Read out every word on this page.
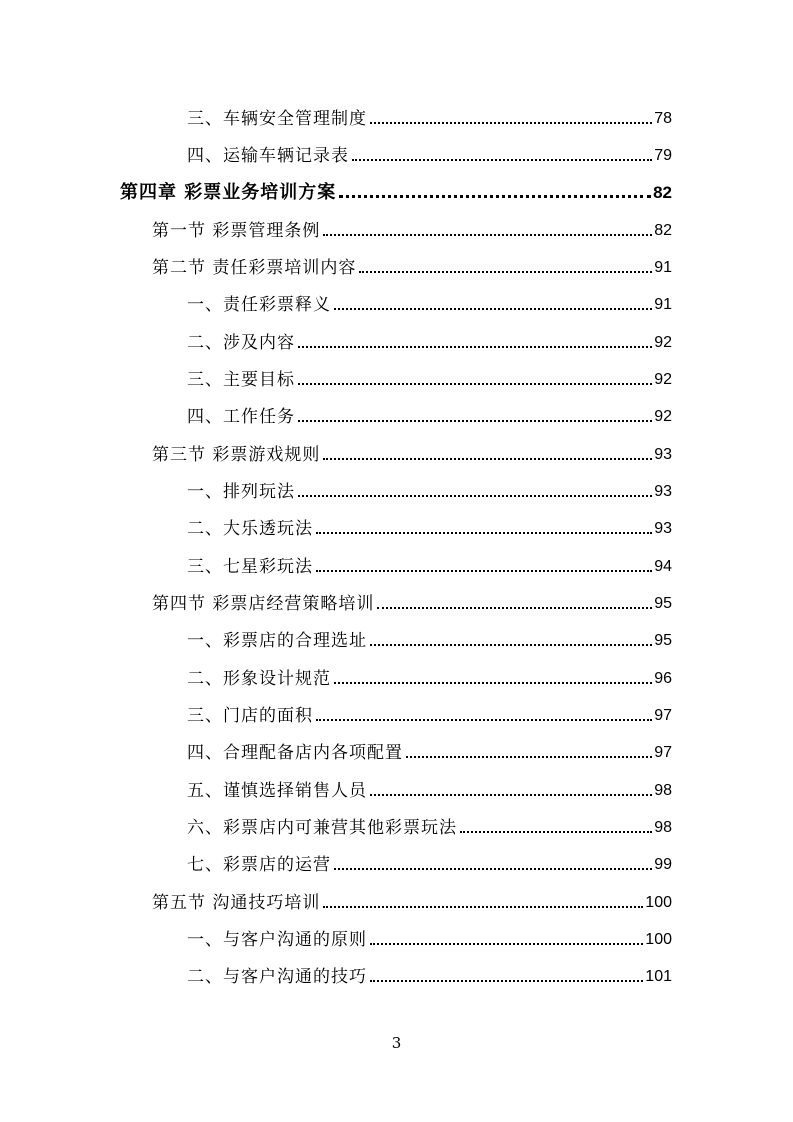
三、车辆安全管理制度	78
四、运输车辆记录表	79
第四章 彩票业务培训方案	82
第一节 彩票管理条例	82
第二节 责任彩票培训内容	91
一、责任彩票释义	91
二、涉及内容	92
三、主要目标	92
四、工作任务	92
第三节 彩票游戏规则	93
一、排列玩法	93
二、大乐透玩法	93
三、七星彩玩法	94
第四节 彩票店经营策略培训	95
一、彩票店的合理选址	95
二、形象设计规范	96
三、门店的面积	97
四、合理配备店内各项配置	97
五、谨慎选择销售人员	98
六、彩票店内可兼营其他彩票玩法	98
七、彩票店的运营	99
第五节 沟通技巧培训	100
一、与客户沟通的原则	100
二、与客户沟通的技巧	101
3
